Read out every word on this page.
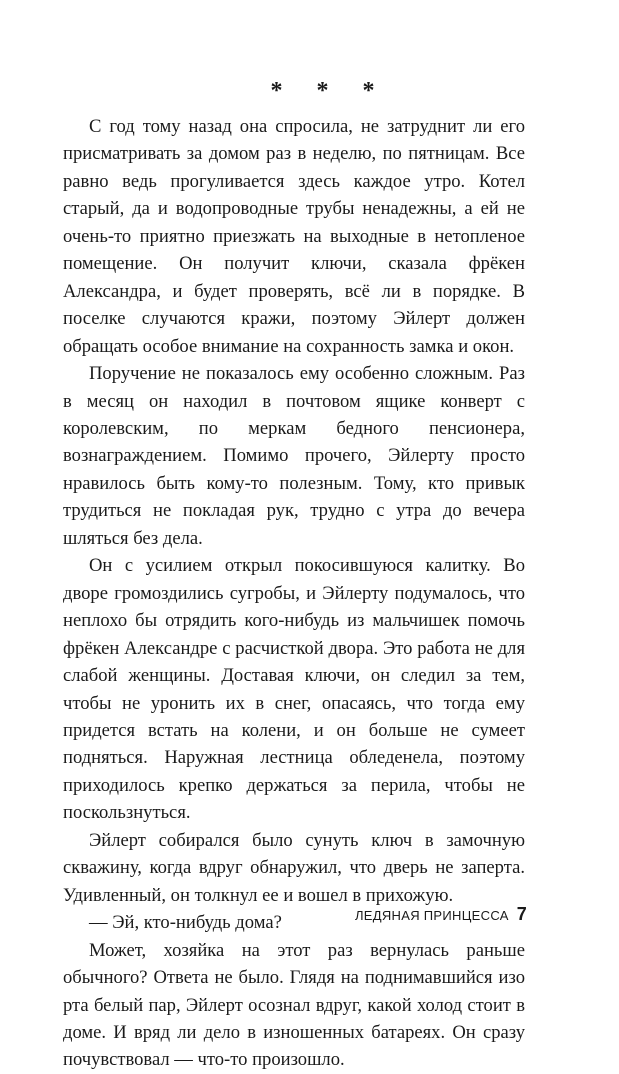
* * *

С год тому назад она спросила, не затруднит ли его присматривать за домом раз в неделю, по пятницам. Все равно ведь прогуливается здесь каждое утро. Котел старый, да и водопроводные трубы ненадежны, а ей не очень-то приятно приезжать на выходные в нетопленое помещение. Он получит ключи, сказала фрёкен Александра, и будет проверять, всё ли в порядке. В поселке случаются кражи, поэтому Эйлерт должен обращать особое внимание на сохранность замка и окон.

Поручение не показалось ему особенно сложным. Раз в месяц он находил в почтовом ящике конверт с королевским, по меркам бедного пенсионера, вознаграждением. Помимо прочего, Эйлерту просто нравилось быть кому-то полезным. Тому, кто привык трудиться не покладая рук, трудно с утра до вечера шляться без дела.

Он с усилием открыл покосившуюся калитку. Во дворе громоздились сугробы, и Эйлерту подумалось, что неплохо бы отрядить кого-нибудь из мальчишек помочь фрёкен Александре с расчисткой двора. Это работа не для слабой женщины. Доставая ключи, он следил за тем, чтобы не уронить их в снег, опасаясь, что тогда ему придется встать на колени, и он больше не сумеет подняться. Наружная лестница обледенела, поэтому приходилось крепко держаться за перила, чтобы не поскользнуться.

Эйлерт собирался было сунуть ключ в замочную скважину, когда вдруг обнаружил, что дверь не заперта. Удивленный, он толкнул ее и вошел в прихожую.

— Эй, кто-нибудь дома?

Может, хозяйка на этот раз вернулась раньше обычного? Ответа не было. Глядя на поднимавшийся изо рта белый пар, Эйлерт осознал вдруг, какой холод стоит в доме. И вряд ли дело в изношенных батареях. Он сразу почувствовал — что-то произошло.

ЛЕДЯНАЯ ПРИНЦЕССА 7
